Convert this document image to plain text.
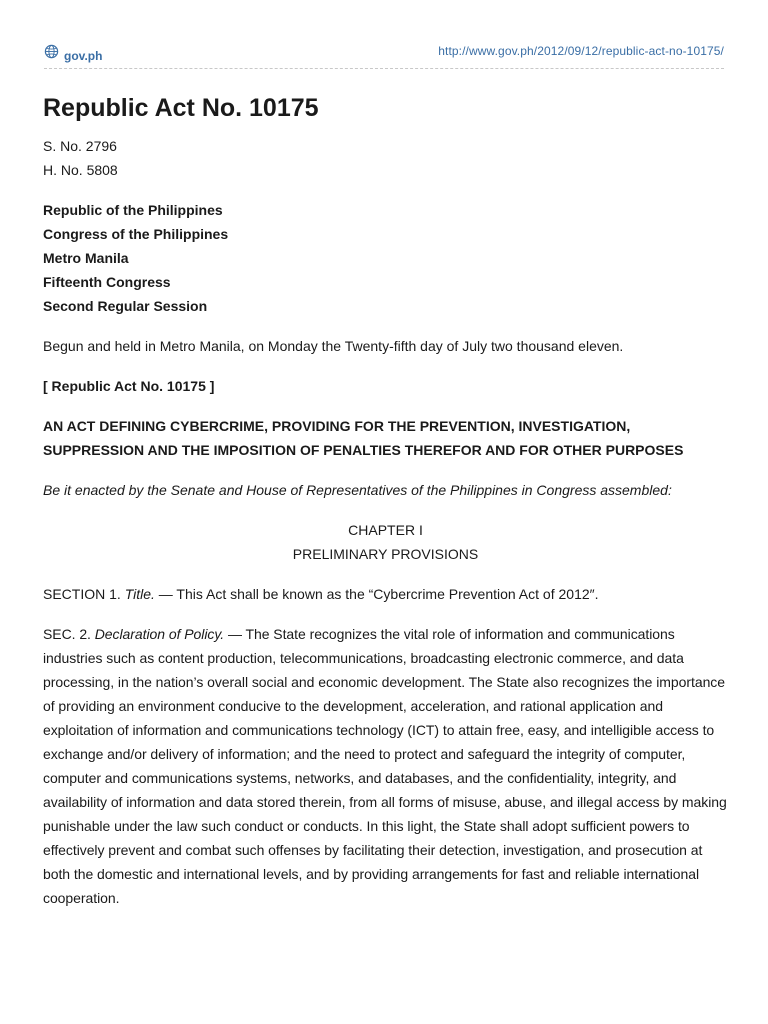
gov.ph	http://www.gov.ph/2012/09/12/republic-act-no-10175/
Republic Act No. 10175

S. No. 2796

H. No. 5808

Republic of the Philippines

Congress of the Philippines

Metro Manila

Fifteenth Congress

Second Regular Session

Begun and held in Metro Manila, on Monday the Twenty-fifth day of July two thousand eleven.

[ Republic Act No. 10175 ]

AN ACT DEFINING CYBERCRIME, PROVIDING FOR THE PREVENTION, INVESTIGATION, SUPPRESSION AND THE IMPOSITION OF PENALTIES THEREFOR AND FOR OTHER PURPOSES

Be it enacted by the Senate and House of Representatives of the Philippines in Congress assembled:

CHAPTER I

PRELIMINARY PROVISIONS

SECTION 1. Title. — This Act shall be known as the “Cybercrime Prevention Act of 2012″.

SEC. 2. Declaration of Policy. — The State recognizes the vital role of information and communications industries such as content production, telecommunications, broadcasting electronic commerce, and data processing, in the nation’s overall social and economic development. The State also recognizes the importance of providing an environment conducive to the development, acceleration, and rational application and exploitation of information and communications technology (ICT) to attain free, easy, and intelligible access to exchange and/or delivery of information; and the need to protect and safeguard the integrity of computer, computer and communications systems, networks, and databases, and the confidentiality, integrity, and availability of information and data stored therein, from all forms of misuse, abuse, and illegal access by making punishable under the law such conduct or conducts. In this light, the State shall adopt sufficient powers to effectively prevent and combat such offenses by facilitating their detection, investigation, and prosecution at both the domestic and international levels, and by providing arrangements for fast and reliable international cooperation.
